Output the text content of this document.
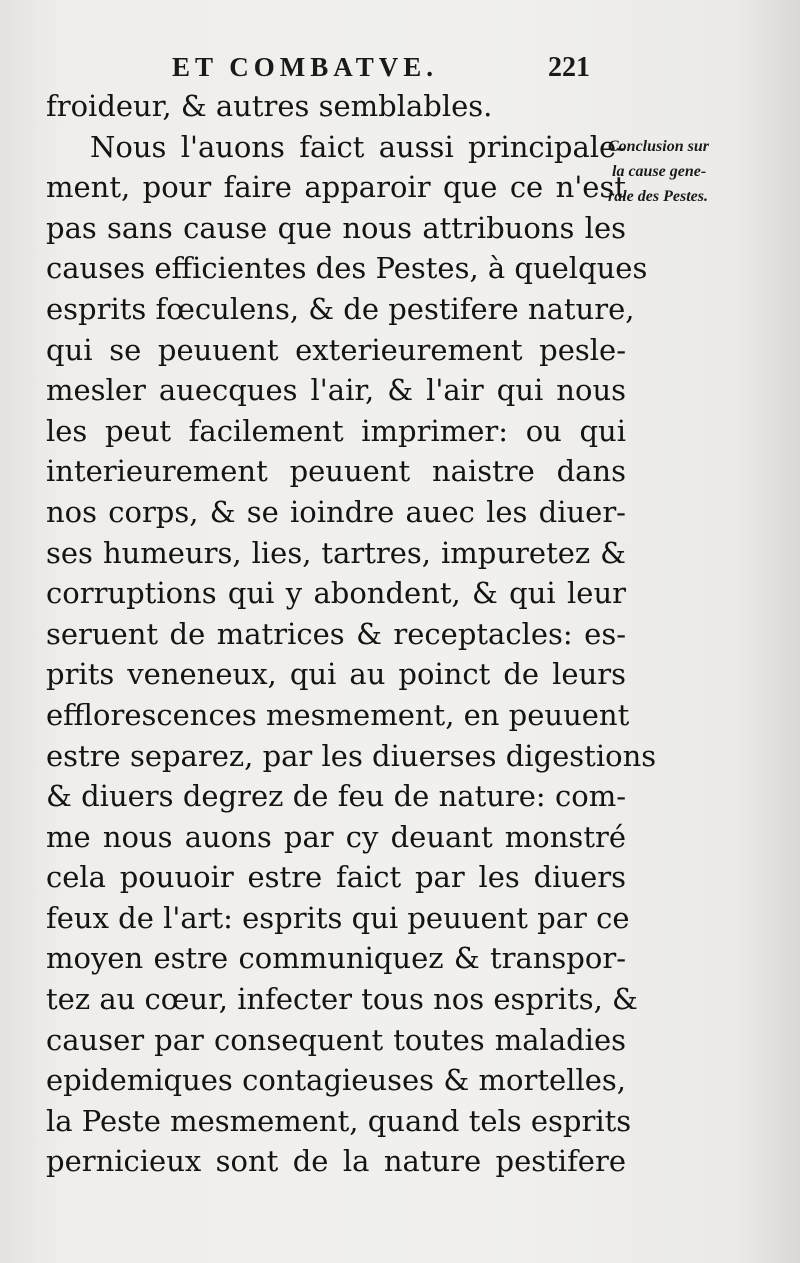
ET COMBATVE.	221
Conclusion sur
la cause gene-
rale des Pestes.
froideur, & autres semblables.
Nous l'auons faict aussi principale-
ment, pour faire apparoir que ce n'est
pas sans cause que nous attribuons les
causes efficientes des Pestes, à quelques
esprits fœculens, & de pestifere nature,
qui se peuuent exterieurement pesle-
mesler auecques l'air, & l'air qui nous
les peut facilement imprimer: ou qui
interieurement peuuent naistre dans
nos corps, & se ioindre auec les diuer-
ses humeurs, lies, tartres, impuretez &
corruptions qui y abondent, & qui leur
seruent de matrices & receptacles: es-
prits veneneux, qui au poinct de leurs
efflorescences mesmement, en peuuent
estre separez, par les diuerses digestions
& diuers degrez de feu de nature: com-
me nous auons par cy deuant monstré
cela pouuoir estre faict par les diuers
feux de l'art: esprits qui peuuent par ce
moyen estre communiquez & transpor-
tez au cœur, infecter tous nos esprits, &
causer par consequent toutes maladies
epidemiques contagieuses & mortelles,
la Peste mesmement, quand tels esprits
pernicieux sont de la nature pestifere
